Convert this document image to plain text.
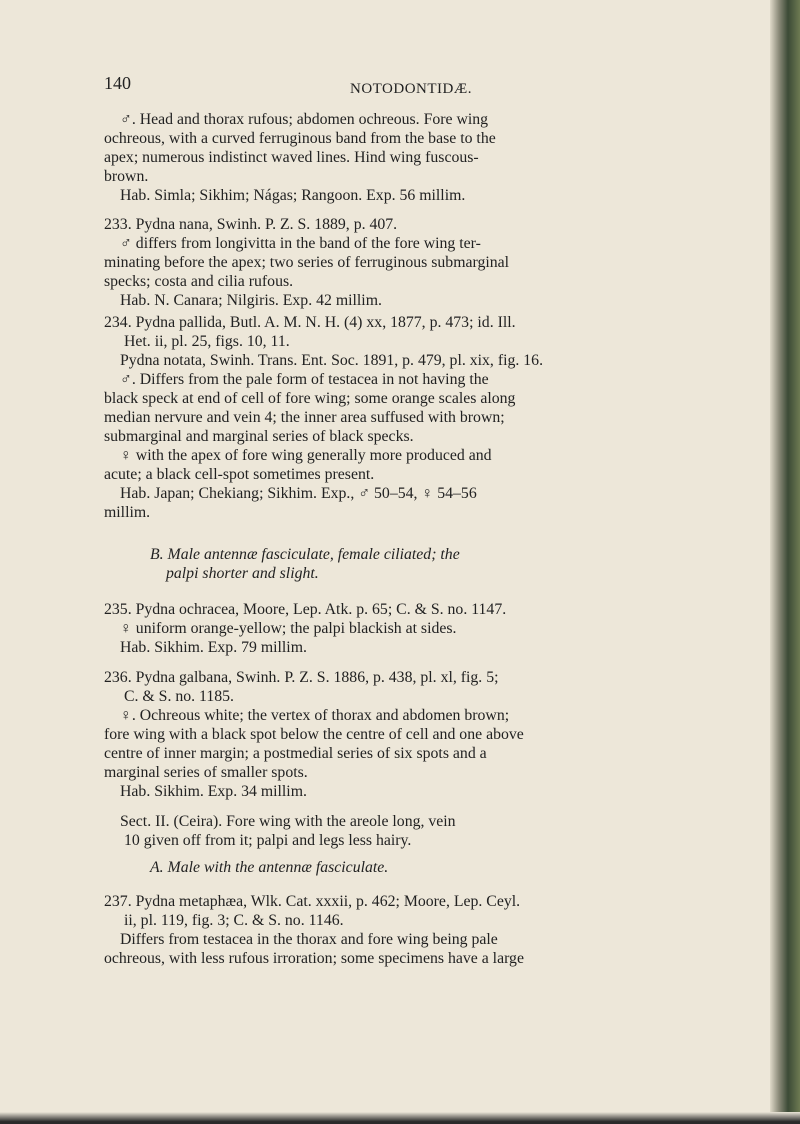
140	NOTODONTIDÆ.
♂. Head and thorax rufous; abdomen ochreous. Fore wing
ochreous, with a curved ferruginous band from the base to the
apex; numerous indistinct waved lines. Hind wing fuscous-
brown.
Hab. Simla; Sikhim; Nágas; Rangoon. Exp. 56 millim.
233. Pydna nana, Swinh. P. Z. S. 1889, p. 407.
♂ differs from longivitta in the band of the fore wing ter-
minating before the apex; two series of ferruginous submarginal
specks; costa and cilia rufous.
Hab. N. Canara; Nilgiris. Exp. 42 millim.
234. Pydna pallida, Butl. A. M. N. H. (4) xx, 1877, p. 473; id. Ill.
Het. ii, pl. 25, figs. 10, 11.
Pydna notata, Swinh. Trans. Ent. Soc. 1891, p. 479, pl. xix, fig. 16.
♂. Differs from the pale form of testacea in not having the
black speck at end of cell of fore wing; some orange scales along
median nervure and vein 4; the inner area suffused with brown;
submarginal and marginal series of black specks.
♀ with the apex of fore wing generally more produced and
acute; a black cell-spot sometimes present.
Hab. Japan; Chekiang; Sikhim. Exp., ♂ 50–54, ♀ 54–56
millim.
B. Male antennæ fasciculate, female ciliated; the
palpi shorter and slight.
235. Pydna ochracea, Moore, Lep. Atk. p. 65; C. & S. no. 1147.
♀ uniform orange-yellow; the palpi blackish at sides.
Hab. Sikhim. Exp. 79 millim.
236. Pydna galbana, Swinh. P. Z. S. 1886, p. 438, pl. xl, fig. 5;
C. & S. no. 1185.
♀. Ochreous white; the vertex of thorax and abdomen brown;
fore wing with a black spot below the centre of cell and one above
centre of inner margin; a postmedial series of six spots and a
marginal series of smaller spots.
Hab. Sikhim. Exp. 34 millim.
Sect. II. (Ceira). Fore wing with the areole long, vein
10 given off from it; palpi and legs less hairy.
A. Male with the antennæ fasciculate.
237. Pydna metaphæa, Wlk. Cat. xxxii, p. 462; Moore, Lep. Ceyl.
ii, pl. 119, fig. 3; C. & S. no. 1146.
Differs from testacea in the thorax and fore wing being pale
ochreous, with less rufous irroration; some specimens have a large
